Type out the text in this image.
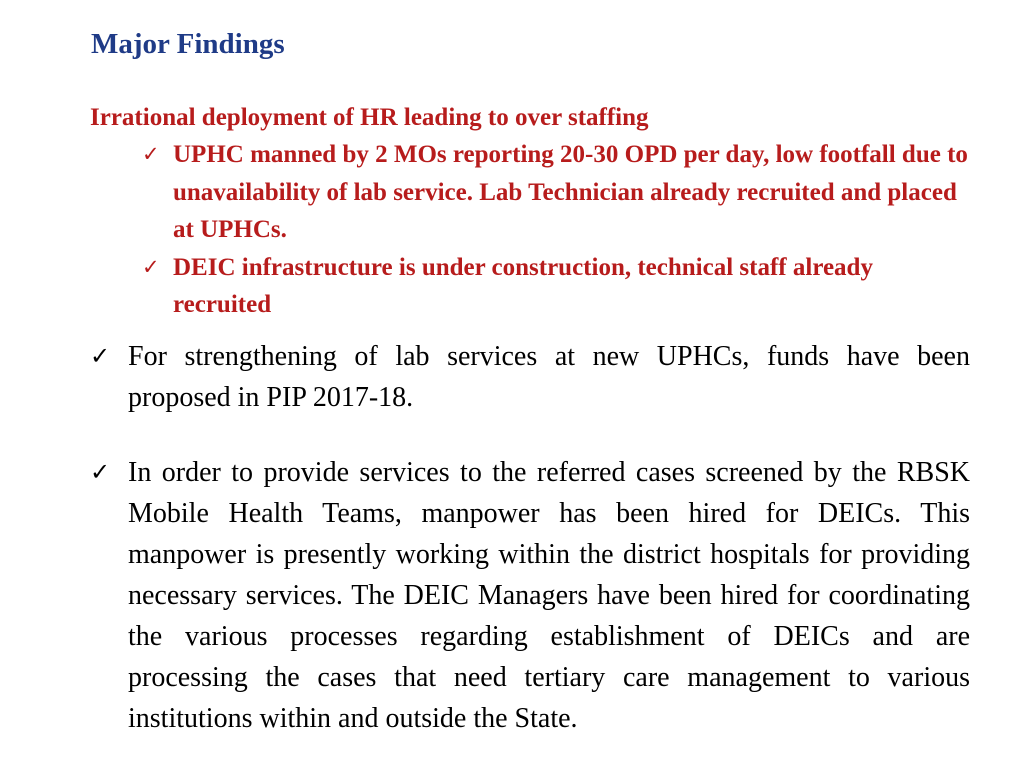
Major Findings
Irrational deployment of HR leading to over staffing
✓ UPHC manned by 2 MOs reporting 20-30 OPD per day, low footfall due to unavailability of lab service. Lab Technician already recruited and placed at UPHCs.
✓ DEIC infrastructure is under construction, technical staff already recruited
✓ For strengthening of lab services at new UPHCs, funds have been proposed in PIP 2017-18.
✓ In order to provide services to the referred cases screened by the RBSK Mobile Health Teams, manpower has been hired for DEICs. This manpower is presently working within the district hospitals for providing necessary services. The DEIC Managers have been hired for coordinating the various processes regarding establishment of DEICs and are processing the cases that need tertiary care management to various institutions within and outside the State.
